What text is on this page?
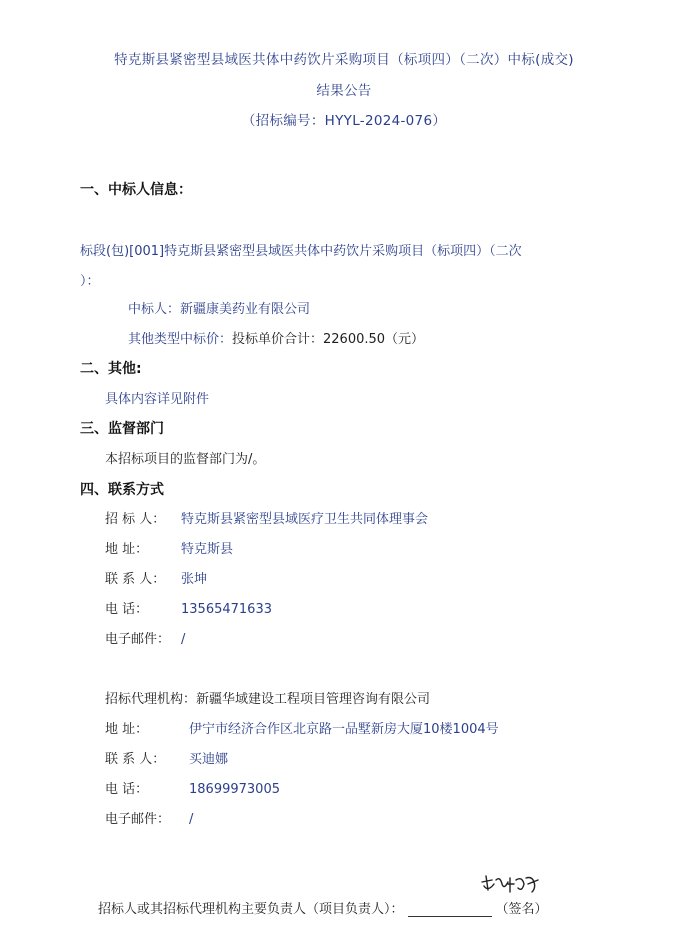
特克斯县紧密型县域医共体中药饮片采购项目（标项四）（二次）中标(成交)
结果公告
（招标编号：HYYL-2024-076）
一、中标人信息：
标段(包)[001]特克斯县紧密型县域医共体中药饮片采购项目（标项四）（二次
）：
中标人：新疆康美药业有限公司
其他类型中标价：投标单价合计：22600.50（元）
二、其他:
具体内容详见附件
三、监督部门
本招标项目的监督部门为/。
四、联系方式
招 标 人： 特克斯县紧密型县域医疗卫生共同体理事会
地 址：	特克斯县
联 系 人： 张坤
电 话：	13565471633
电子邮件： /
招标代理机构：新疆华域建设工程项目管理咨询有限公司
地 址：	伊宁市经济合作区北京路一品墅新房大厦10楼1004号
联 系 人： 买迪娜
电 话：	18699973005
电子邮件： /
招标人或其招标代理机构主要负责人（项目负责人）：	（签名）
